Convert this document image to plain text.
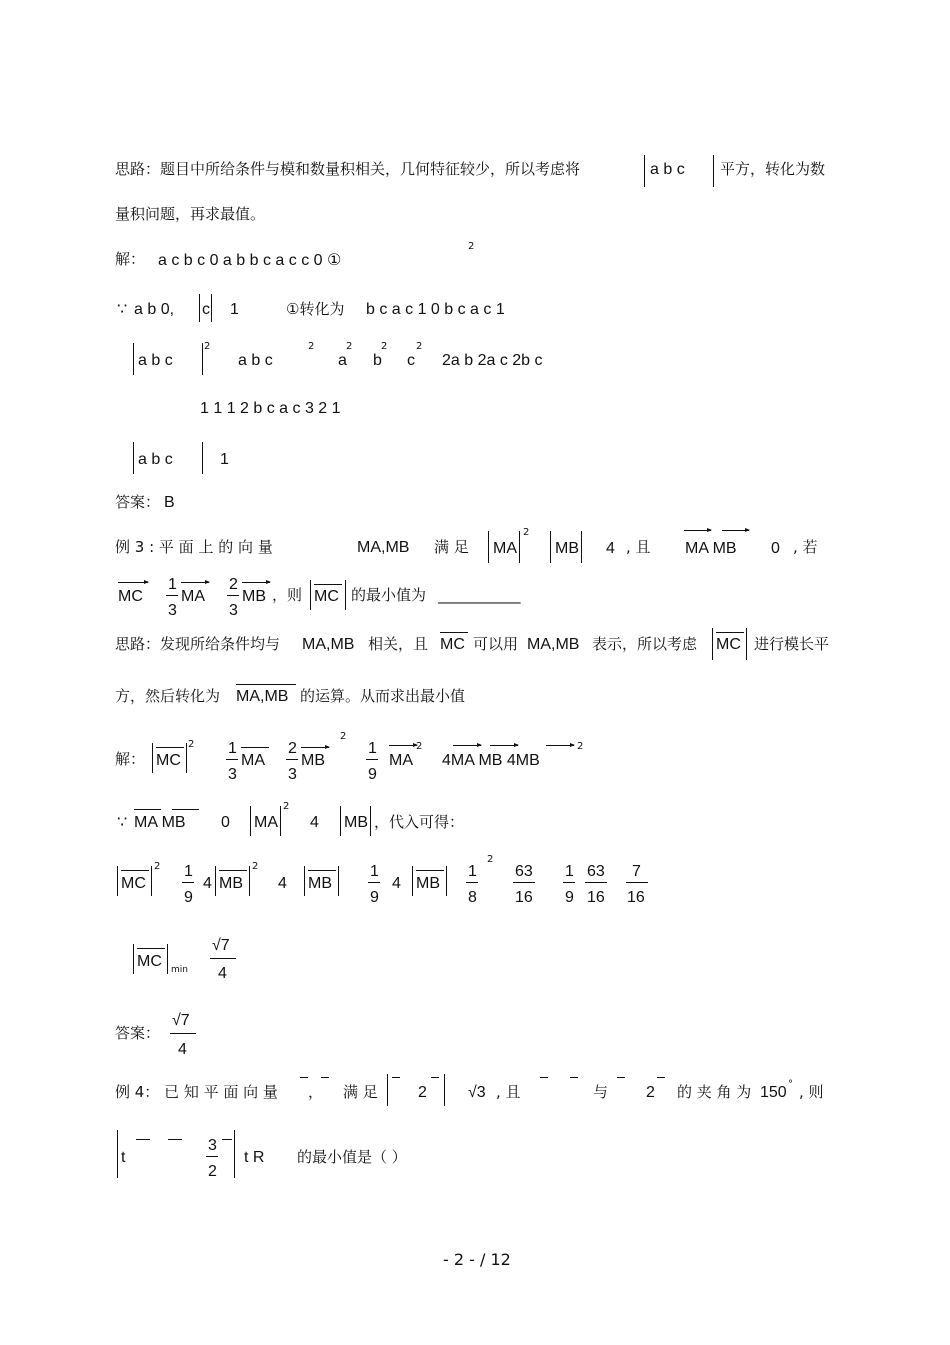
思路：题目中所给条件与模和数量积相关，几何特征较少，所以考虑将	a b c 平方，转化为数
量积问题，再求最值。
解： a c b c 0 a b b c a c c 0 ①
2
∵ a b 0, c 1	①转化为 b c a c 1 0 b c a c 1
a b c
2
a b c
2
a
2
b
2
c
2
2a b 2a c 2b c
1 1 1 2 b c a c 3 2 1
a b c	1
答案： B
例 3 : 平 面 上 的 向 量	MA,MB 满 足 MA
2
MB 4 , 且 MA MB 0 , 若
MC
1
3
MA
2
3
MB ，则 MC 的最小值为 ___________
思路：发现所给条件均与 MA,MB 相关，且 MC 可以用 MA,MB 表示，所以考虑 MC 进行模长平
方，然后转化为 MA,MB 的运算。从而求出最小值
解： MC
2 1
3
MA
2
3
MB
2
1
9
MA
2
4MA MB 4MB
2
∵ MA MB 0 MA
2
4 MB ，代入可得：
MC
2 1
9
4 MB
2
4 MB
1
9
4 MB
1
8
2
63
16
1
9
63
16
7
16
MC min
√7
4
答案：
√7
4
例 4： 已 知 平 面 向 量 ， 满 足	2	√3 , 且	与 2 的 夹 角 为 150 ° , 则
t
3
2
t R 的最小值是（ ）
- 2 - / 12
